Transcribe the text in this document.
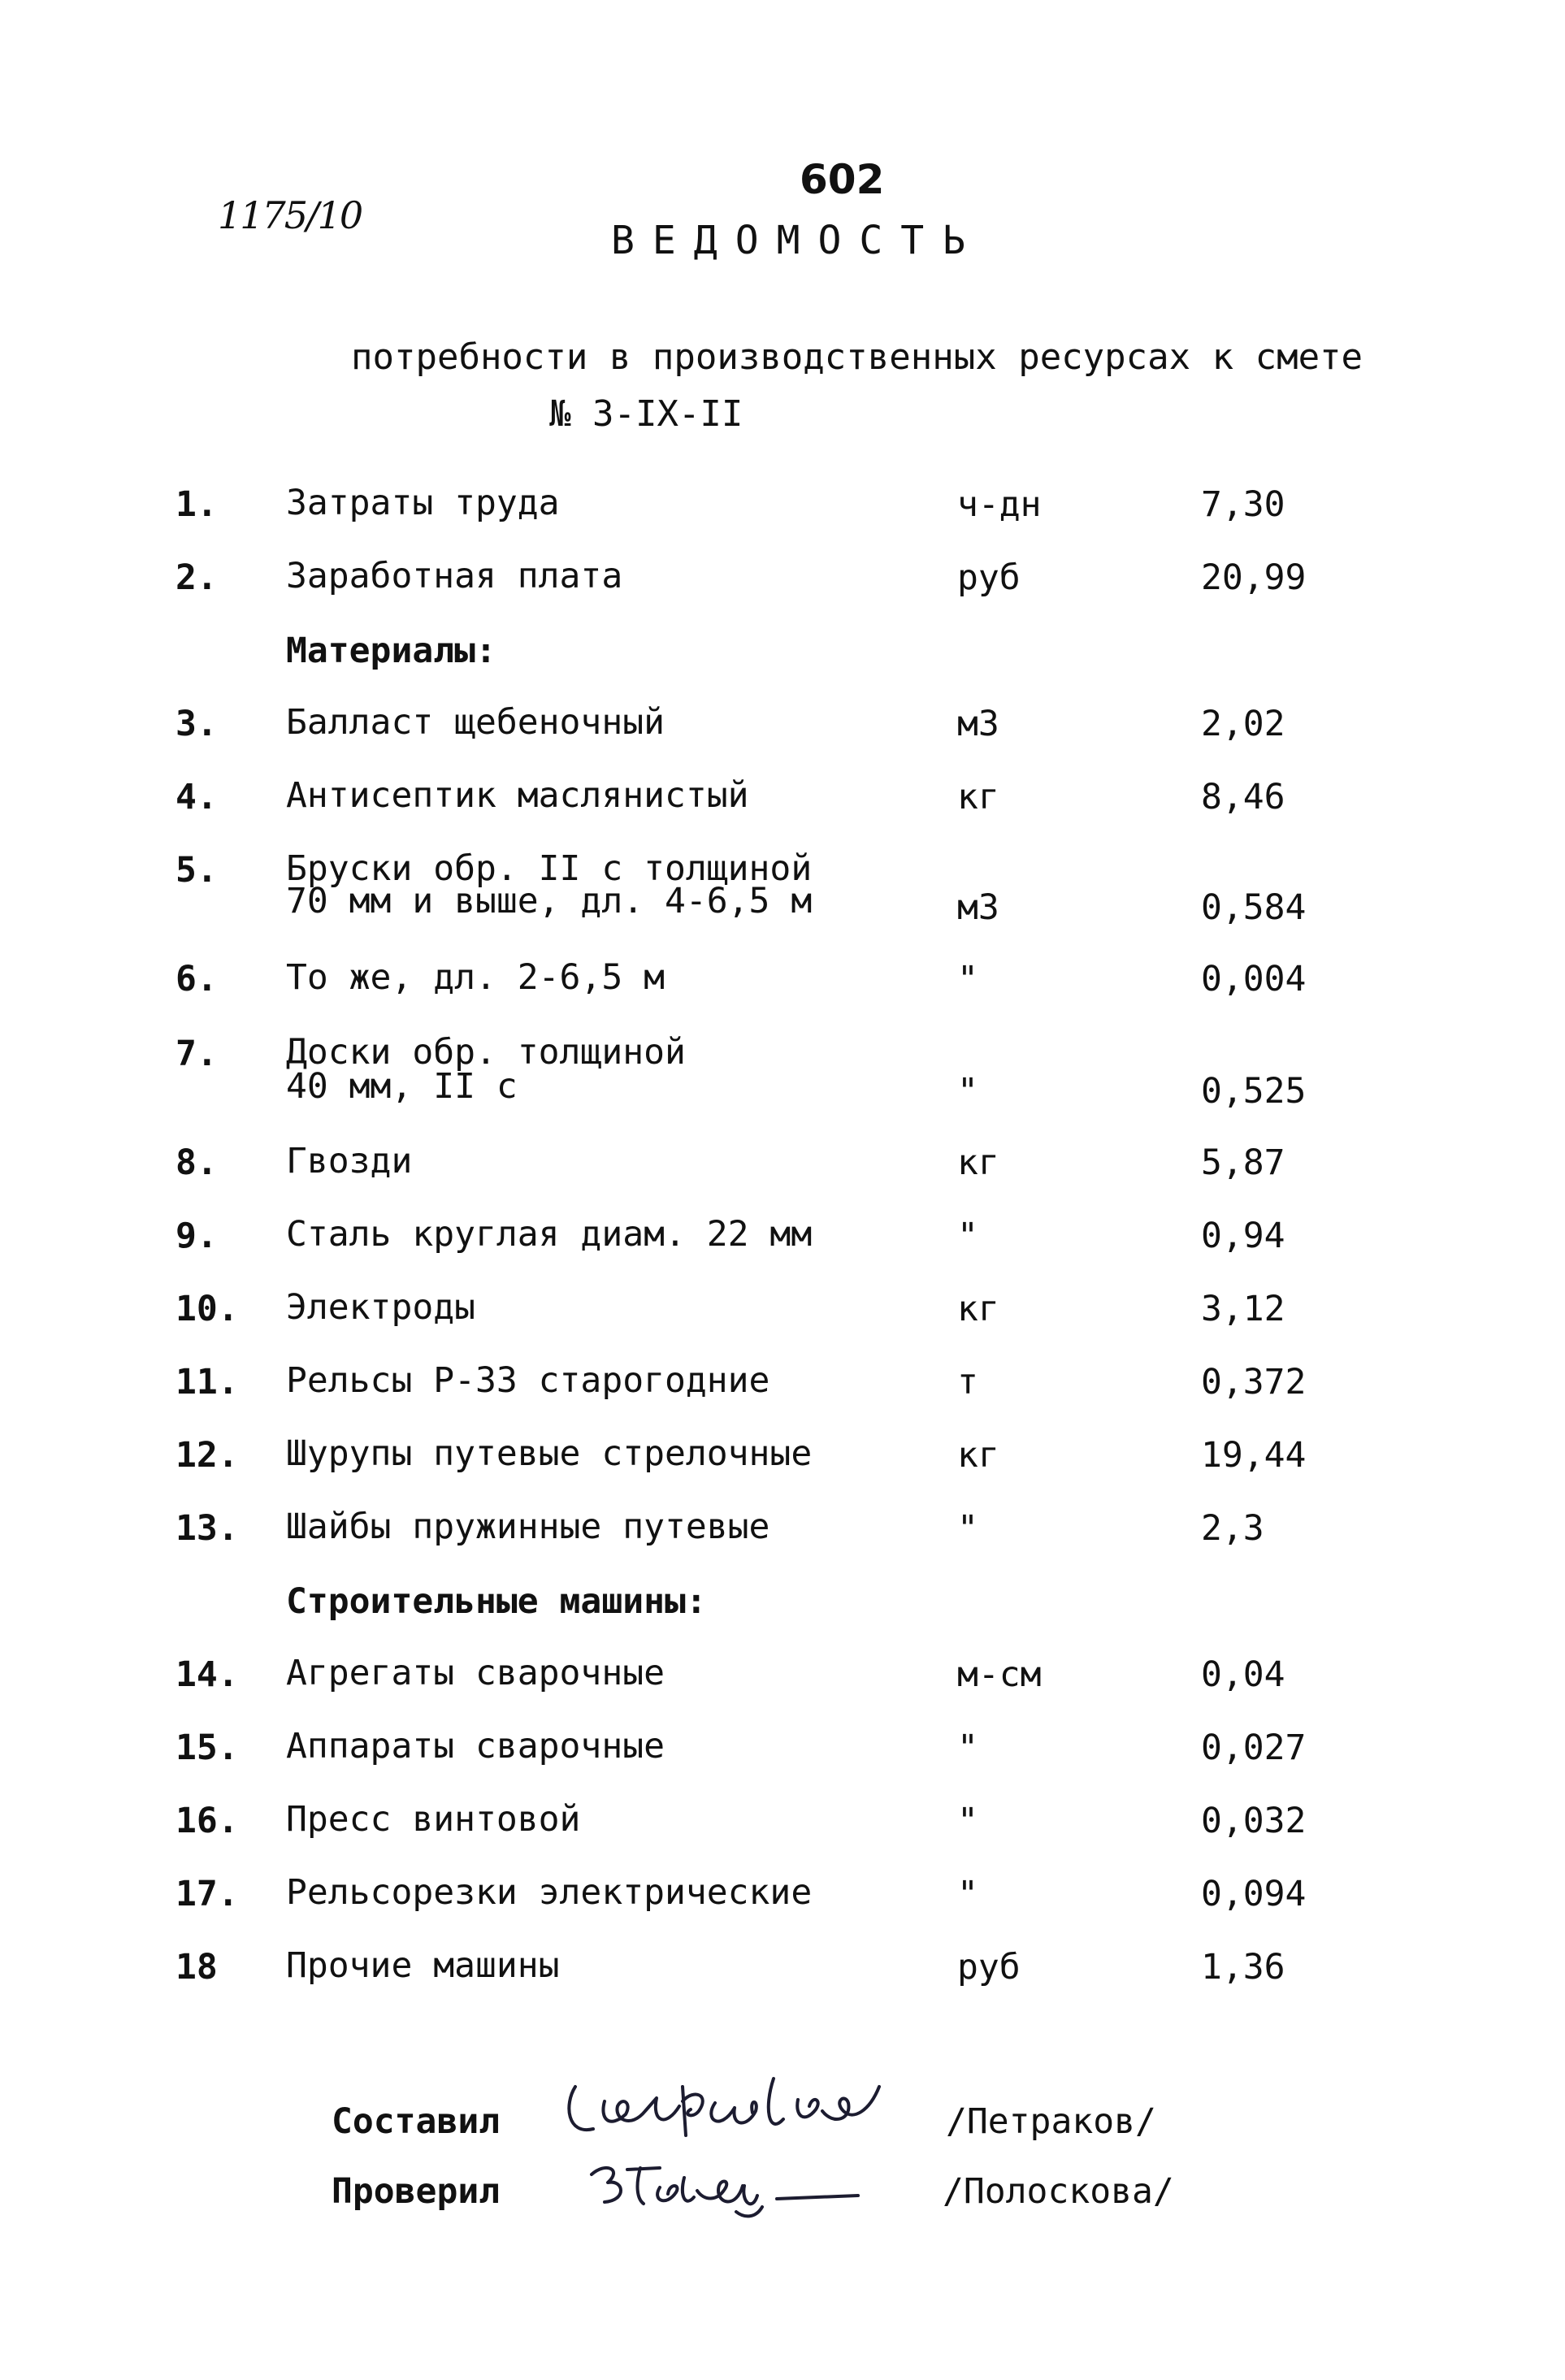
1175/10
602
ВЕДОМОСТЬ
потребности в производственных ресурсах к смете
№ 3-IX-II
1. Затраты труда	ч-дн	7,30
2. Заработная плата	руб	20,99
Материалы:
3. Балласт щебеночный	м3	2,02
4. Антисептик маслянистый	кг	8,46
5. Бруски обр. II с толщиной
70 мм и выше, дл. 4-6,5 м	м3	0,584
6. То же, дл. 2-6,5 м	"	0,004
7. Доски обр. толщиной
40 мм, II с	"	0,525
8. Гвозди	кг	5,87
9. Сталь круглая диам. 22 мм	"	0,94
10. Электроды	кг	3,12
11. Рельсы Р-33 старогодние	т	0,372
12. Шурупы путевые стрелочные	кг	19,44
13. Шайбы пружинные путевые	"	2,3
Строительные машины:
14. Агрегаты сварочные	м-см	0,04
15. Аппараты сварочные	"	0,027
16. Пресс винтовой	"	0,032
17. Рельсорезки электрические	"	0,094
18 Прочие машины	руб	1,36
Составил	/Петраков/
Проверил	/Полоскова/
